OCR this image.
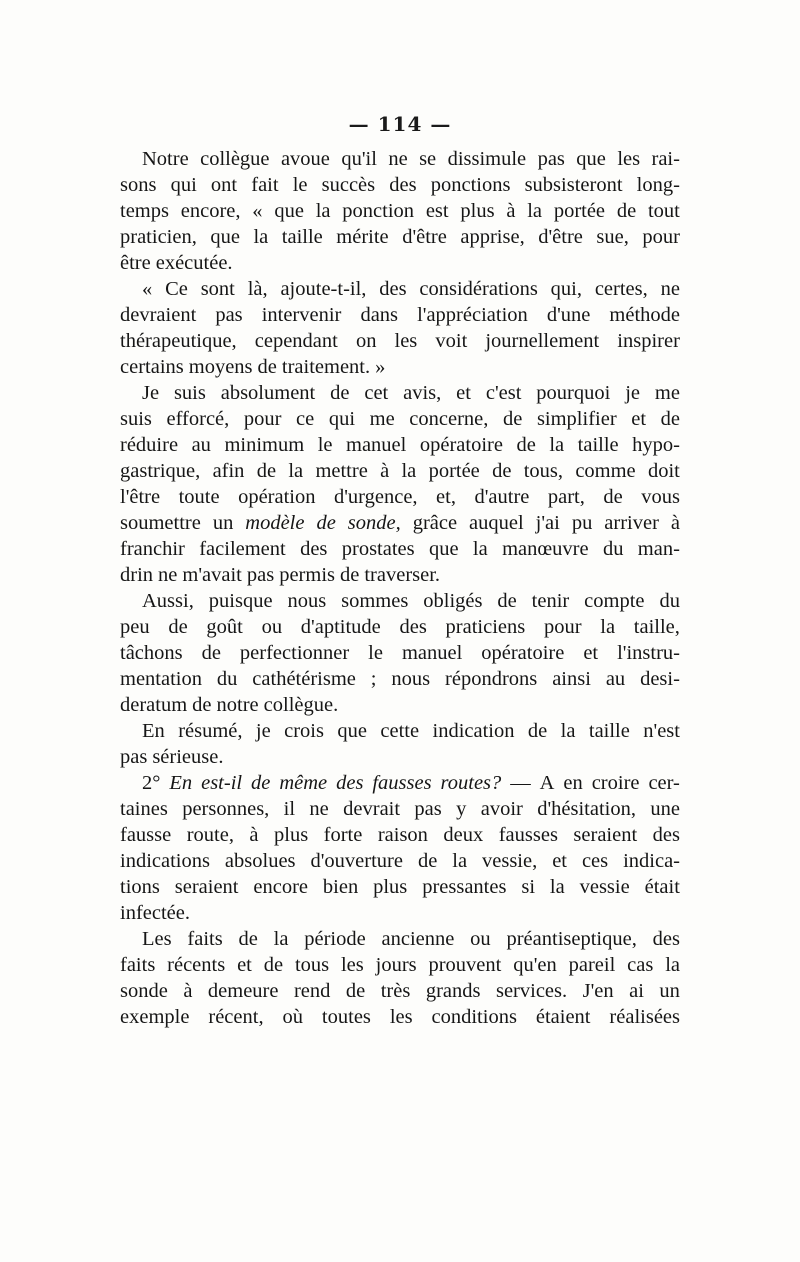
— 114 —
Notre collègue avoue qu'il ne se dissimule pas que les rai-
sons qui ont fait le succès des ponctions subsisteront long-
temps encore, « que la ponction est plus à la portée de tout
praticien, que la taille mérite d'être apprise, d'être sue, pour
être exécutée.
« Ce sont là, ajoute-t-il, des considérations qui, certes, ne
devraient pas intervenir dans l'appréciation d'une méthode
thérapeutique, cependant on les voit journellement inspirer
certains moyens de traitement. »
Je suis absolument de cet avis, et c'est pourquoi je me
suis efforcé, pour ce qui me concerne, de simplifier et de
réduire au minimum le manuel opératoire de la taille hypo-
gastrique, afin de la mettre à la portée de tous, comme doit
l'être toute opération d'urgence, et, d'autre part, de vous
soumettre un modèle de sonde, grâce auquel j'ai pu arriver à
franchir facilement des prostates que la manœuvre du man-
drin ne m'avait pas permis de traverser.
Aussi, puisque nous sommes obligés de tenir compte du
peu de goût ou d'aptitude des praticiens pour la taille,
tâchons de perfectionner le manuel opératoire et l'instru-
mentation du cathétérisme ; nous répondrons ainsi au desi-
deratum de notre collègue.
En résumé, je crois que cette indication de la taille n'est
pas sérieuse.
2° En est-il de même des fausses routes? — A en croire cer-
taines personnes, il ne devrait pas y avoir d'hésitation, une
fausse route, à plus forte raison deux fausses seraient des
indications absolues d'ouverture de la vessie, et ces indica-
tions seraient encore bien plus pressantes si la vessie était
infectée.
Les faits de la période ancienne ou préantiseptique, des
faits récents et de tous les jours prouvent qu'en pareil cas la
sonde à demeure rend de très grands services. J'en ai un
exemple récent, où toutes les conditions étaient réalisées
